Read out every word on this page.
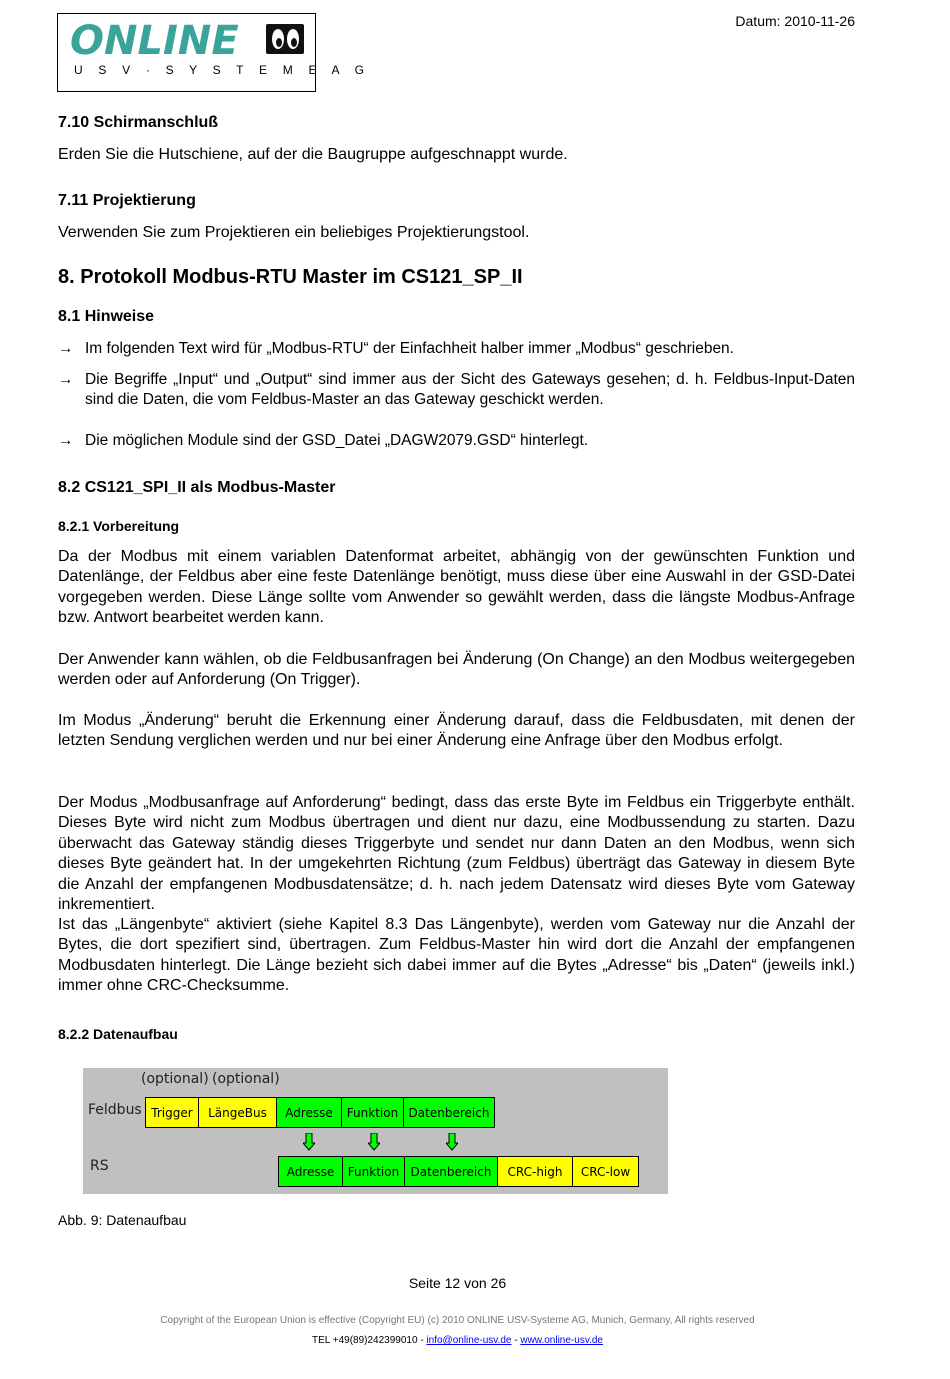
ONLINE
U S V · S Y S T E M E A G
Datum: 2010-11-26
7.10 Schirmanschluß
Erden Sie die Hutschiene, auf der die Baugruppe aufgeschnappt wurde.
7.11 Projektierung
Verwenden Sie zum Projektieren ein beliebiges Projektierungstool.
8. Protokoll Modbus-RTU Master im CS121_SP_II
8.1 Hinweise
→ Im folgenden Text wird für „Modbus-RTU“ der Einfachheit halber immer „Modbus“ geschrieben.
→ Die Begriffe „Input“ und „Output“ sind immer aus der Sicht des Gateways gesehen; d. h. Feldbus-Input-Daten sind die Daten, die vom Feldbus-Master an das Gateway geschickt werden.
→ Die möglichen Module sind der GSD_Datei „DAGW2079.GSD“ hinterlegt.
8.2 CS121_SPI_II als Modbus-Master
8.2.1 Vorbereitung
Da der Modbus mit einem variablen Datenformat arbeitet, abhängig von der gewünschten Funktion und Datenlänge, der Feldbus aber eine feste Datenlänge benötigt, muss diese über eine Auswahl in der GSD-Datei vorgegeben werden. Diese Länge sollte vom Anwender so gewählt werden, dass die längste Modbus-Anfrage bzw. Antwort bearbeitet werden kann.
Der Anwender kann wählen, ob die Feldbusanfragen bei Änderung (On Change) an den Modbus weitergegeben werden oder auf Anforderung (On Trigger).
Im Modus „Änderung“ beruht die Erkennung einer Änderung darauf, dass die Feldbusdaten, mit denen der letzten Sendung verglichen werden und nur bei einer Änderung eine Anfrage über den Modbus erfolgt.
Der Modus „Modbusanfrage auf Anforderung“ bedingt, dass das erste Byte im Feldbus ein Triggerbyte enthält. Dieses Byte wird nicht zum Modbus übertragen und dient nur dazu, eine Modbussendung zu starten. Dazu überwacht das Gateway ständig dieses Triggerbyte und sendet nur dann Daten an den Modbus, wenn sich dieses Byte geändert hat. In der umgekehrten Richtung (zum Feldbus) überträgt das Gateway in diesem Byte die Anzahl der empfangenen Modbusdatensätze; d. h. nach jedem Datensatz wird dieses Byte vom Gateway inkrementiert.
Ist das „Längenbyte“ aktiviert (siehe Kapitel 8.3 Das Längenbyte), werden vom Gateway nur die Anzahl der Bytes, die dort spezifiert sind, übertragen. Zum Feldbus-Master hin wird dort die Anzahl der empfangenen Modbusdaten hinterlegt. Die Länge bezieht sich dabei immer auf die Bytes „Adresse“ bis „Daten“ (jeweils inkl.) immer ohne CRC-Checksumme.
8.2.2 Datenaufbau
(optional) (optional)
Feldbus
RS
Trigger	LängeBus	Adresse	Funktion Datenbereich
Adresse	Funktion Datenbereich	CRC-high	CRC-low
Abb. 9: Datenaufbau
Seite 12 von 26
Copyright of the European Union is effective (Copyright EU) (c) 2010 ONLINE USV-Systeme AG, Munich, Germany, All rights reserved
TEL +49(89)242399010 - info@online-usv.de - www.online-usv.de
